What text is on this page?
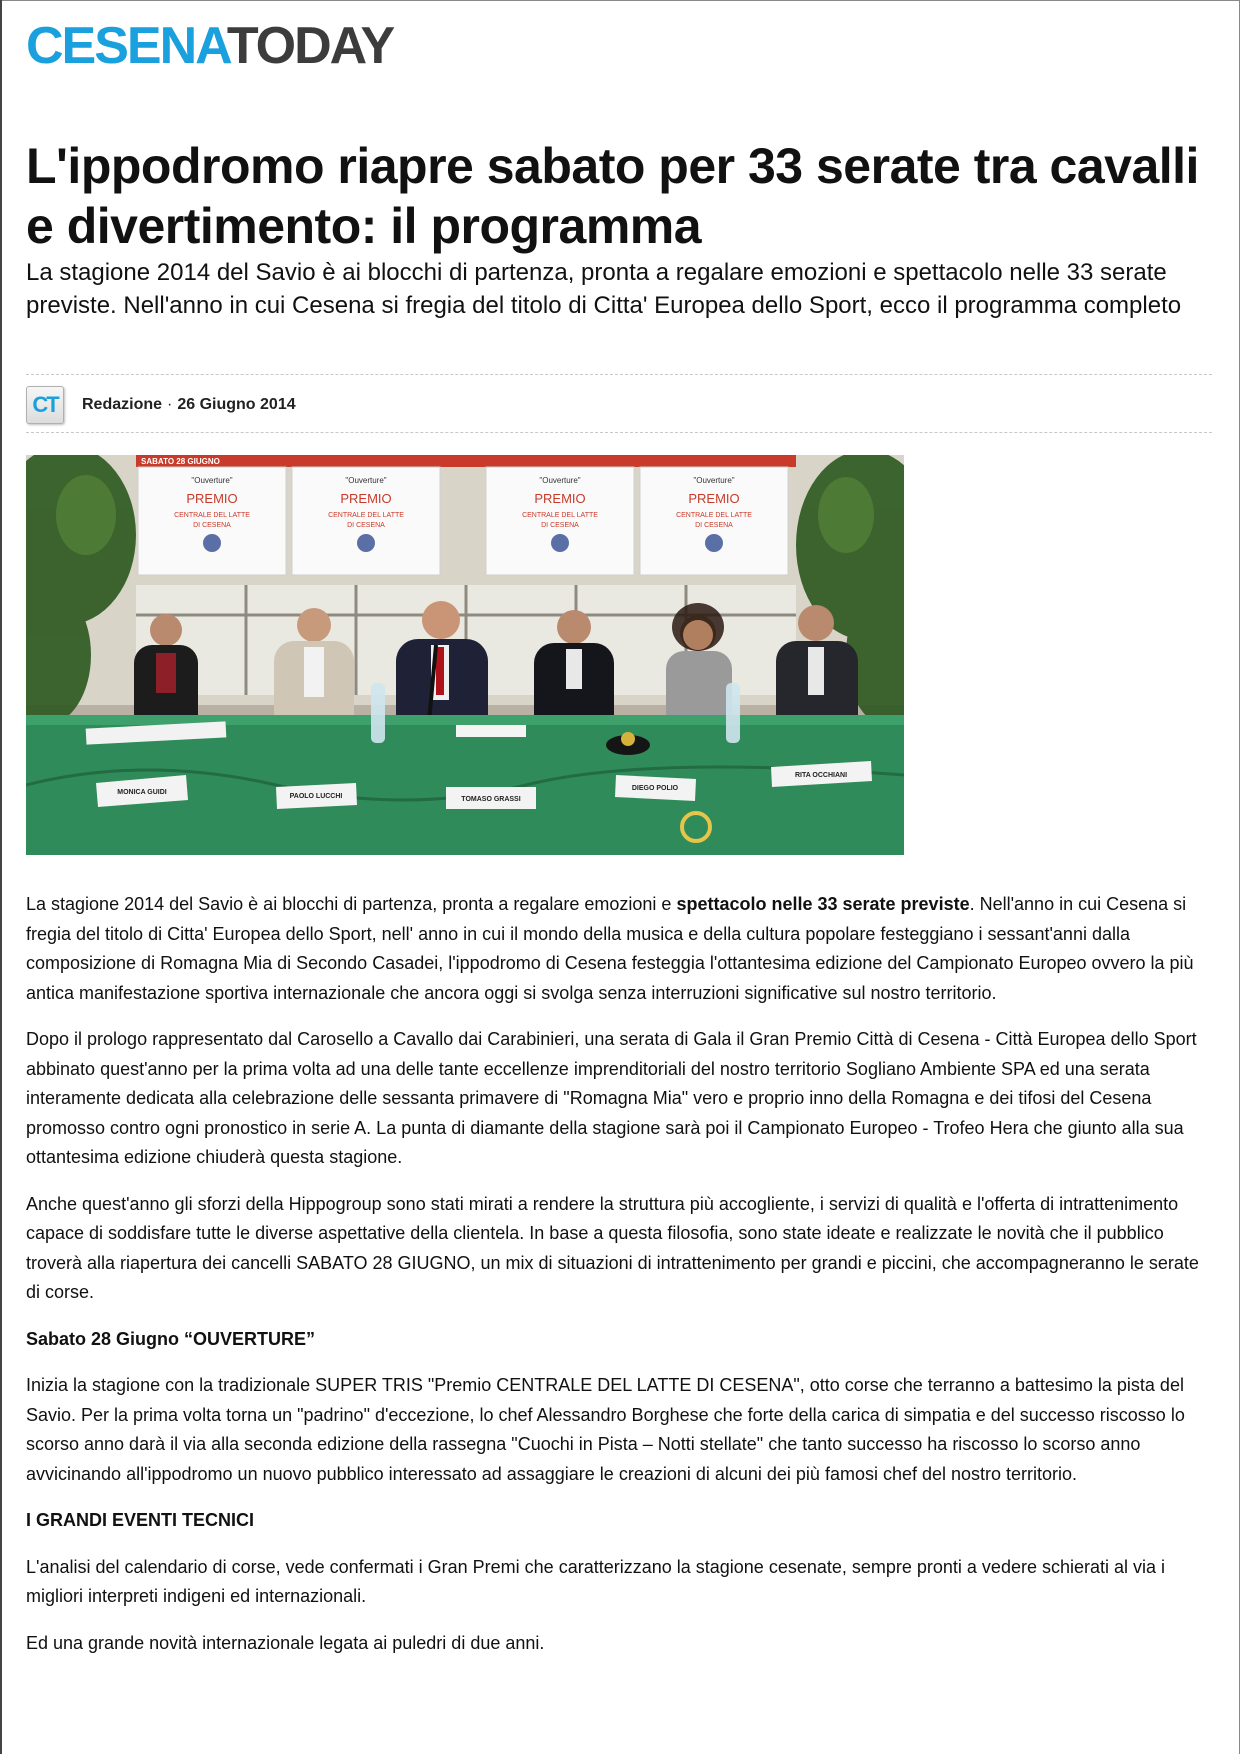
CESENATODAY
L'ippodromo riapre sabato per 33 serate tra cavalli e divertimento: il programma

La stagione 2014 del Savio è ai blocchi di partenza, pronta a regalare emozioni e spettacolo nelle 33 serate previste. Nell'anno in cui Cesena si fregia del titolo di Citta' Europea dello Sport, ecco il programma completo

CT	Redazione · 26 Giugno 2014
SABATO 28 GIUGNO
"Ouverture"
PREMIO
CENTRALE DEL LATTE
DI CESENA
"Ouverture"
PREMIO
CENTRALE DEL LATTE
DI CESENA
"Ouverture"
PREMIO
CENTRALE DEL LATTE
DI CESENA
"Ouverture"
PREMIO
CENTRALE DEL LATTE
DI CESENA
MONICA GUIDI
PAOLO LUCCHI	TOMASO GRASSI
DIEGO POLIO
RITA OCCHIANI

La stagione 2014 del Savio è ai blocchi di partenza, pronta a regalare emozioni e spettacolo nelle 33 serate previste. Nell'anno in cui Cesena si fregia del titolo di Citta' Europea dello Sport, nell' anno in cui il mondo della musica e della cultura popolare festeggiano i sessant'anni dalla composizione di Romagna Mia di Secondo Casadei, l'ippodromo di Cesena festeggia l'ottantesima edizione del Campionato Europeo ovvero la più antica manifestazione sportiva internazionale che ancora oggi si svolga senza interruzioni significative sul nostro territorio.

Dopo il prologo rappresentato dal Carosello a Cavallo dai Carabinieri, una serata di Gala il Gran Premio Città di Cesena - Città Europea dello Sport abbinato quest'anno per la prima volta ad una delle tante eccellenze imprenditoriali del nostro territorio Sogliano Ambiente SPA ed una serata interamente dedicata alla celebrazione delle sessanta primavere di "Romagna Mia" vero e proprio inno della Romagna e dei tifosi del Cesena promosso contro ogni pronostico in serie A. La punta di diamante della stagione sarà poi il Campionato Europeo - Trofeo Hera che giunto alla sua ottantesima edizione chiuderà questa stagione.

Anche quest'anno gli sforzi della Hippogroup sono stati mirati a rendere la struttura più accogliente, i servizi di qualità e l'offerta di intrattenimento capace di soddisfare tutte le diverse aspettative della clientela. In base a questa filosofia, sono state ideate e realizzate le novità che il pubblico troverà alla riapertura dei cancelli SABATO 28 GIUGNO, un mix di situazioni di intrattenimento per grandi e piccini, che accompagneranno le serate di corse.

Sabato 28 Giugno “OUVERTURE”

Inizia la stagione con la tradizionale SUPER TRIS "Premio CENTRALE DEL LATTE DI CESENA", otto corse che terranno a battesimo la pista del Savio. Per la prima volta torna un "padrino" d'eccezione, lo chef Alessandro Borghese che forte della carica di simpatia e del successo riscosso lo scorso anno darà il via alla seconda edizione della rassegna "Cuochi in Pista – Notti stellate" che tanto successo ha riscosso lo scorso anno avvicinando all'ippodromo un nuovo pubblico interessato ad assaggiare le creazioni di alcuni dei più famosi chef del nostro territorio.

I GRANDI EVENTI TECNICI

L'analisi del calendario di corse, vede confermati i Gran Premi che caratterizzano la stagione cesenate, sempre pronti a vedere schierati al via i migliori interpreti indigeni ed internazionali.

Ed una grande novità internazionale legata ai puledri di due anni.
